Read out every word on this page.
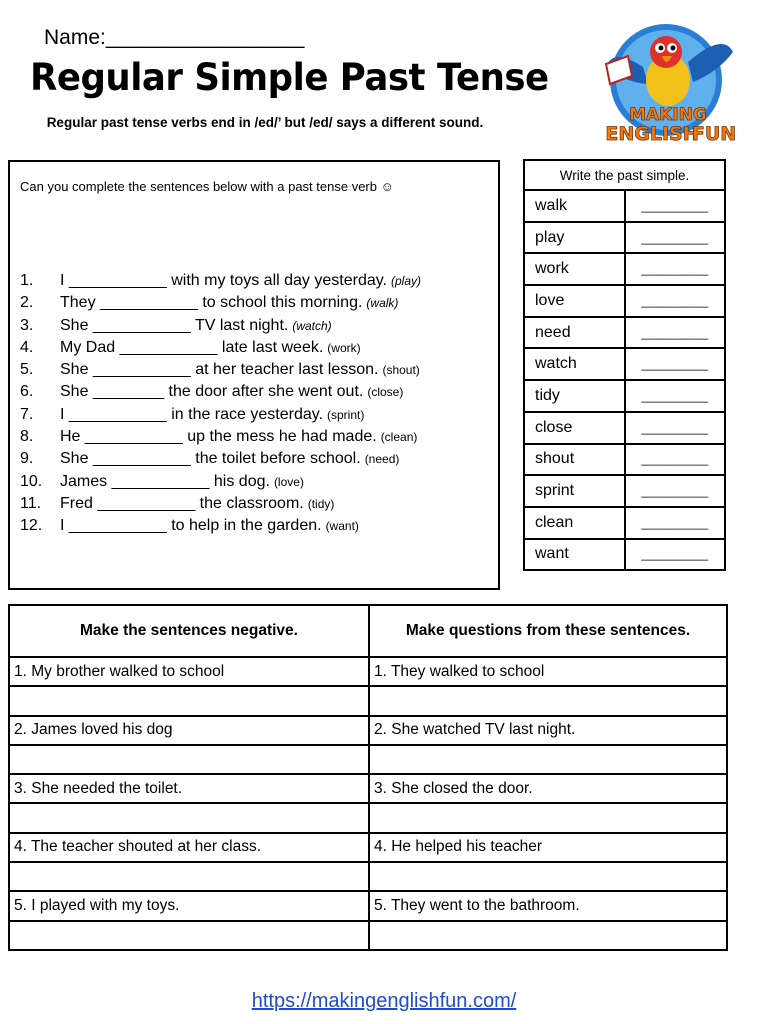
Name:_________________
Regular Simple Past Tense
Regular past tense verbs end in /ed/’ but /ed/ says a different sound.	MAKING
ENGLISH
FUN
Can you complete the sentences below with a past tense verb ☺
1.	I ___________ with my toys all day yesterday. (play)
2.	They ___________ to school this morning. (walk)
3.	She ___________ TV last night. (watch)
4.	My Dad ___________ late last week. (work)
5.	She ___________ at her teacher last lesson. (shout)
6.	She ________ the door after she went out. (close)
7.	I ___________ in the race yesterday. (sprint)
8.	He ___________ up the mess he had made. (clean)
9.	She ___________ the toilet before school. (need)
10.	James ___________ his dog. (love)
11.	Fred ___________ the classroom. (tidy)
12.	I ___________ to help in the garden. (want)
Write the past simple.	
walk	__________
play	__________
work	__________
love	__________
need	__________
watch	__________
tidy	__________
close	__________
shout	__________
sprint	__________
clean	__________
want	__________
Make the sentences negative.	Make questions from these sentences.
1. My brother walked to school	1. They walked to school

2. James loved his dog	2. She watched TV last night.

3. She needed the toilet.	3. She closed the door.

4. The teacher shouted at her class.	4. He helped his teacher

5. I played with my toys.	5. They went to the bathroom.

https://makingenglishfun.com/
